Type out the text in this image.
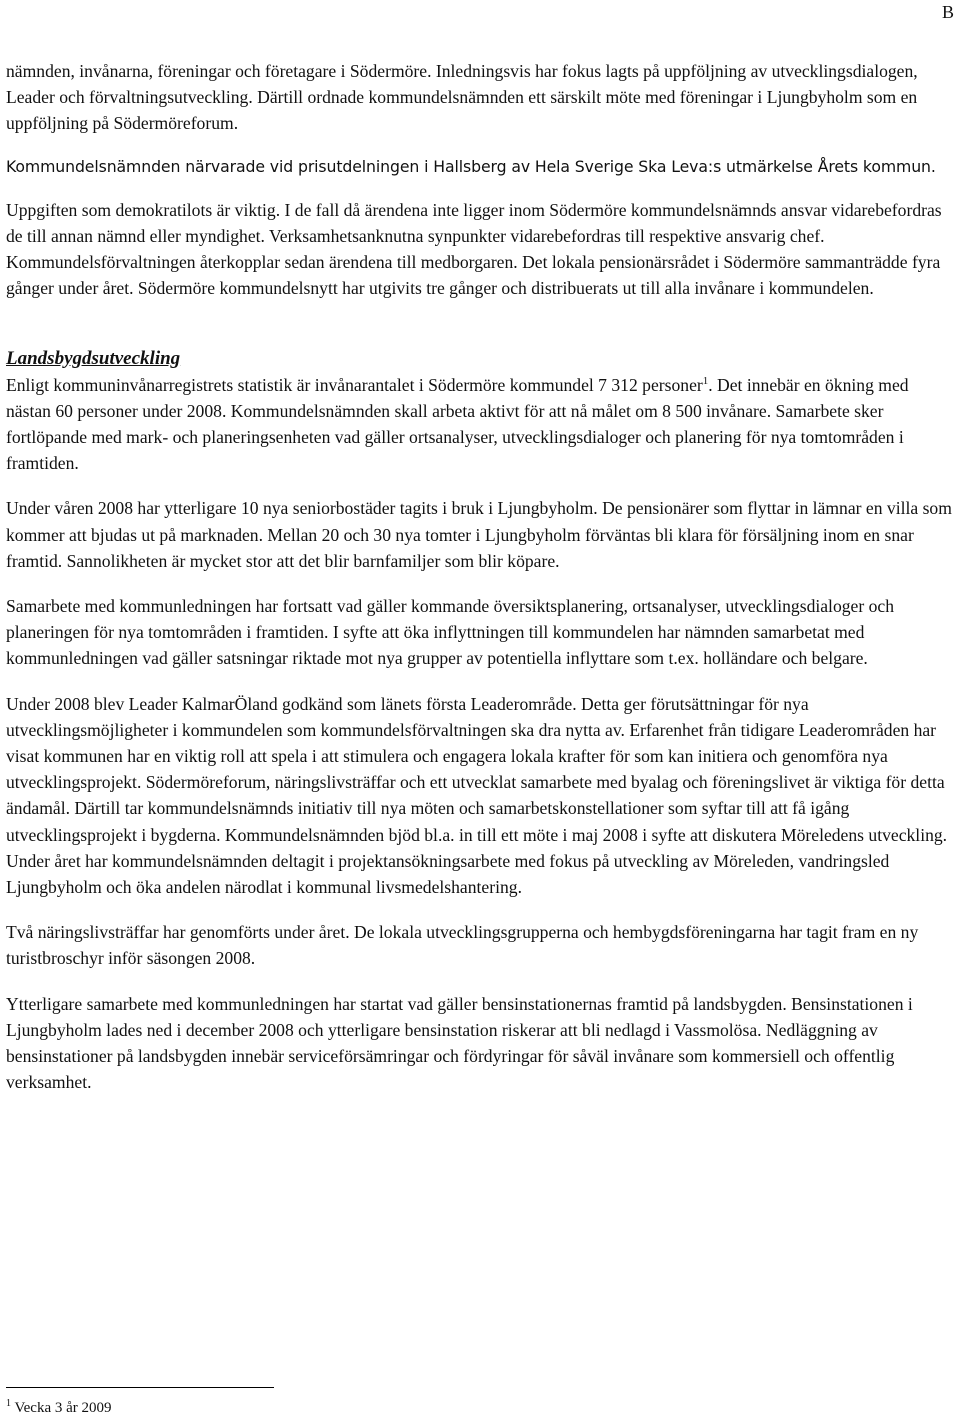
B

nämnden, invånarna, föreningar och företagare i Södermöre. Inledningsvis har fokus lagts på uppföljning av utvecklingsdialogen, Leader och förvaltningsutveckling. Därtill ordnade kommundelsnämnden ett särskilt möte med föreningar i Ljungbyholm som en uppföljning på Södermöreforum.

Kommundelsnämnden närvarade vid prisutdelningen i Hallsberg av Hela Sverige Ska Leva:s utmärkelse Årets kommun.

Uppgiften som demokratilots är viktig. I de fall då ärendena inte ligger inom Södermöre kommundelsnämnds ansvar vidarebefordras de till annan nämnd eller myndighet. Verksamhetsanknutna synpunkter vidarebefordras till respektive ansvarig chef. Kommundelsförvaltningen återkopplar sedan ärendena till medborgaren. Det lokala pensionärsrådet i Södermöre sammanträdde fyra gånger under året. Södermöre kommundelsnytt har utgivits tre gånger och distribuerats ut till alla invånare i kommundelen.

Landsbygdsutveckling

Enligt kommuninvånarregistrets statistik är invånarantalet i Södermöre kommundel 7 312 personer$^1$. Det innebär en ökning med nästan 60 personer under 2008. Kommundelsnämnden skall arbeta aktivt för att nå målet om 8 500 invånare. Samarbete sker fortlöpande med mark- och planeringsenheten vad gäller ortsanalyser, utvecklingsdialoger och planering för nya tomtområden i framtiden.

Under våren 2008 har ytterligare 10 nya seniorbostäder tagits i bruk i Ljungbyholm. De pensionärer som flyttar in lämnar en villa som kommer att bjudas ut på marknaden. Mellan 20 och 30 nya tomter i Ljungbyholm förväntas bli klara för försäljning inom en snar framtid. Sannolikheten är mycket stor att det blir barnfamiljer som blir köpare.

Samarbete med kommunledningen har fortsatt vad gäller kommande översiktsplanering, ortsanalyser, utvecklingsdialoger och planeringen för nya tomtområden i framtiden. I syfte att öka inflyttningen till kommundelen har nämnden samarbetat med kommunledningen vad gäller satsningar riktade mot nya grupper av potentiella inflyttare som t.ex. holländare och belgare.

Under 2008 blev Leader KalmarÖland godkänd som länets första Leaderområde. Detta ger förutsättningar för nya utvecklingsmöjligheter i kommundelen som kommundelsförvaltningen ska dra nytta av. Erfarenhet från tidigare Leaderområden har visat kommunen har en viktig roll att spela i att stimulera och engagera lokala krafter för som kan initiera och genomföra nya utvecklingsprojekt. Södermöreforum, näringslivsträffar och ett utvecklat samarbete med byalag och föreningslivet är viktiga för detta ändamål. Därtill tar kommundelsnämnds initiativ till nya möten och samarbetskonstellationer som syftar till att få igång utvecklingsprojekt i bygderna. Kommundelsnämnden bjöd bl.a. in till ett möte i maj 2008 i syfte att diskutera Möreledens utveckling. Under året har kommundelsnämnden deltagit i projektansökningsarbete med fokus på utveckling av Möreleden, vandringsled Ljungbyholm och öka andelen närodlat i kommunal livsmedelshantering.

Två näringslivsträffar har genomförts under året. De lokala utvecklingsgrupperna och hembygdsföreningarna har tagit fram en ny turistbroschyr inför säsongen 2008.

Ytterligare samarbete med kommunledningen har startat vad gäller bensinstationernas framtid på landsbygden. Bensinstationen i Ljungbyholm lades ned i december 2008 och ytterligare bensinstation riskerar att bli nedlagd i Vassmolösa. Nedläggning av bensinstationer på landsbygden innebär serviceförsämringar och fördyringar för såväl invånare som kommersiell och offentlig verksamhet.

$^1$ Vecka 3 år 2009
